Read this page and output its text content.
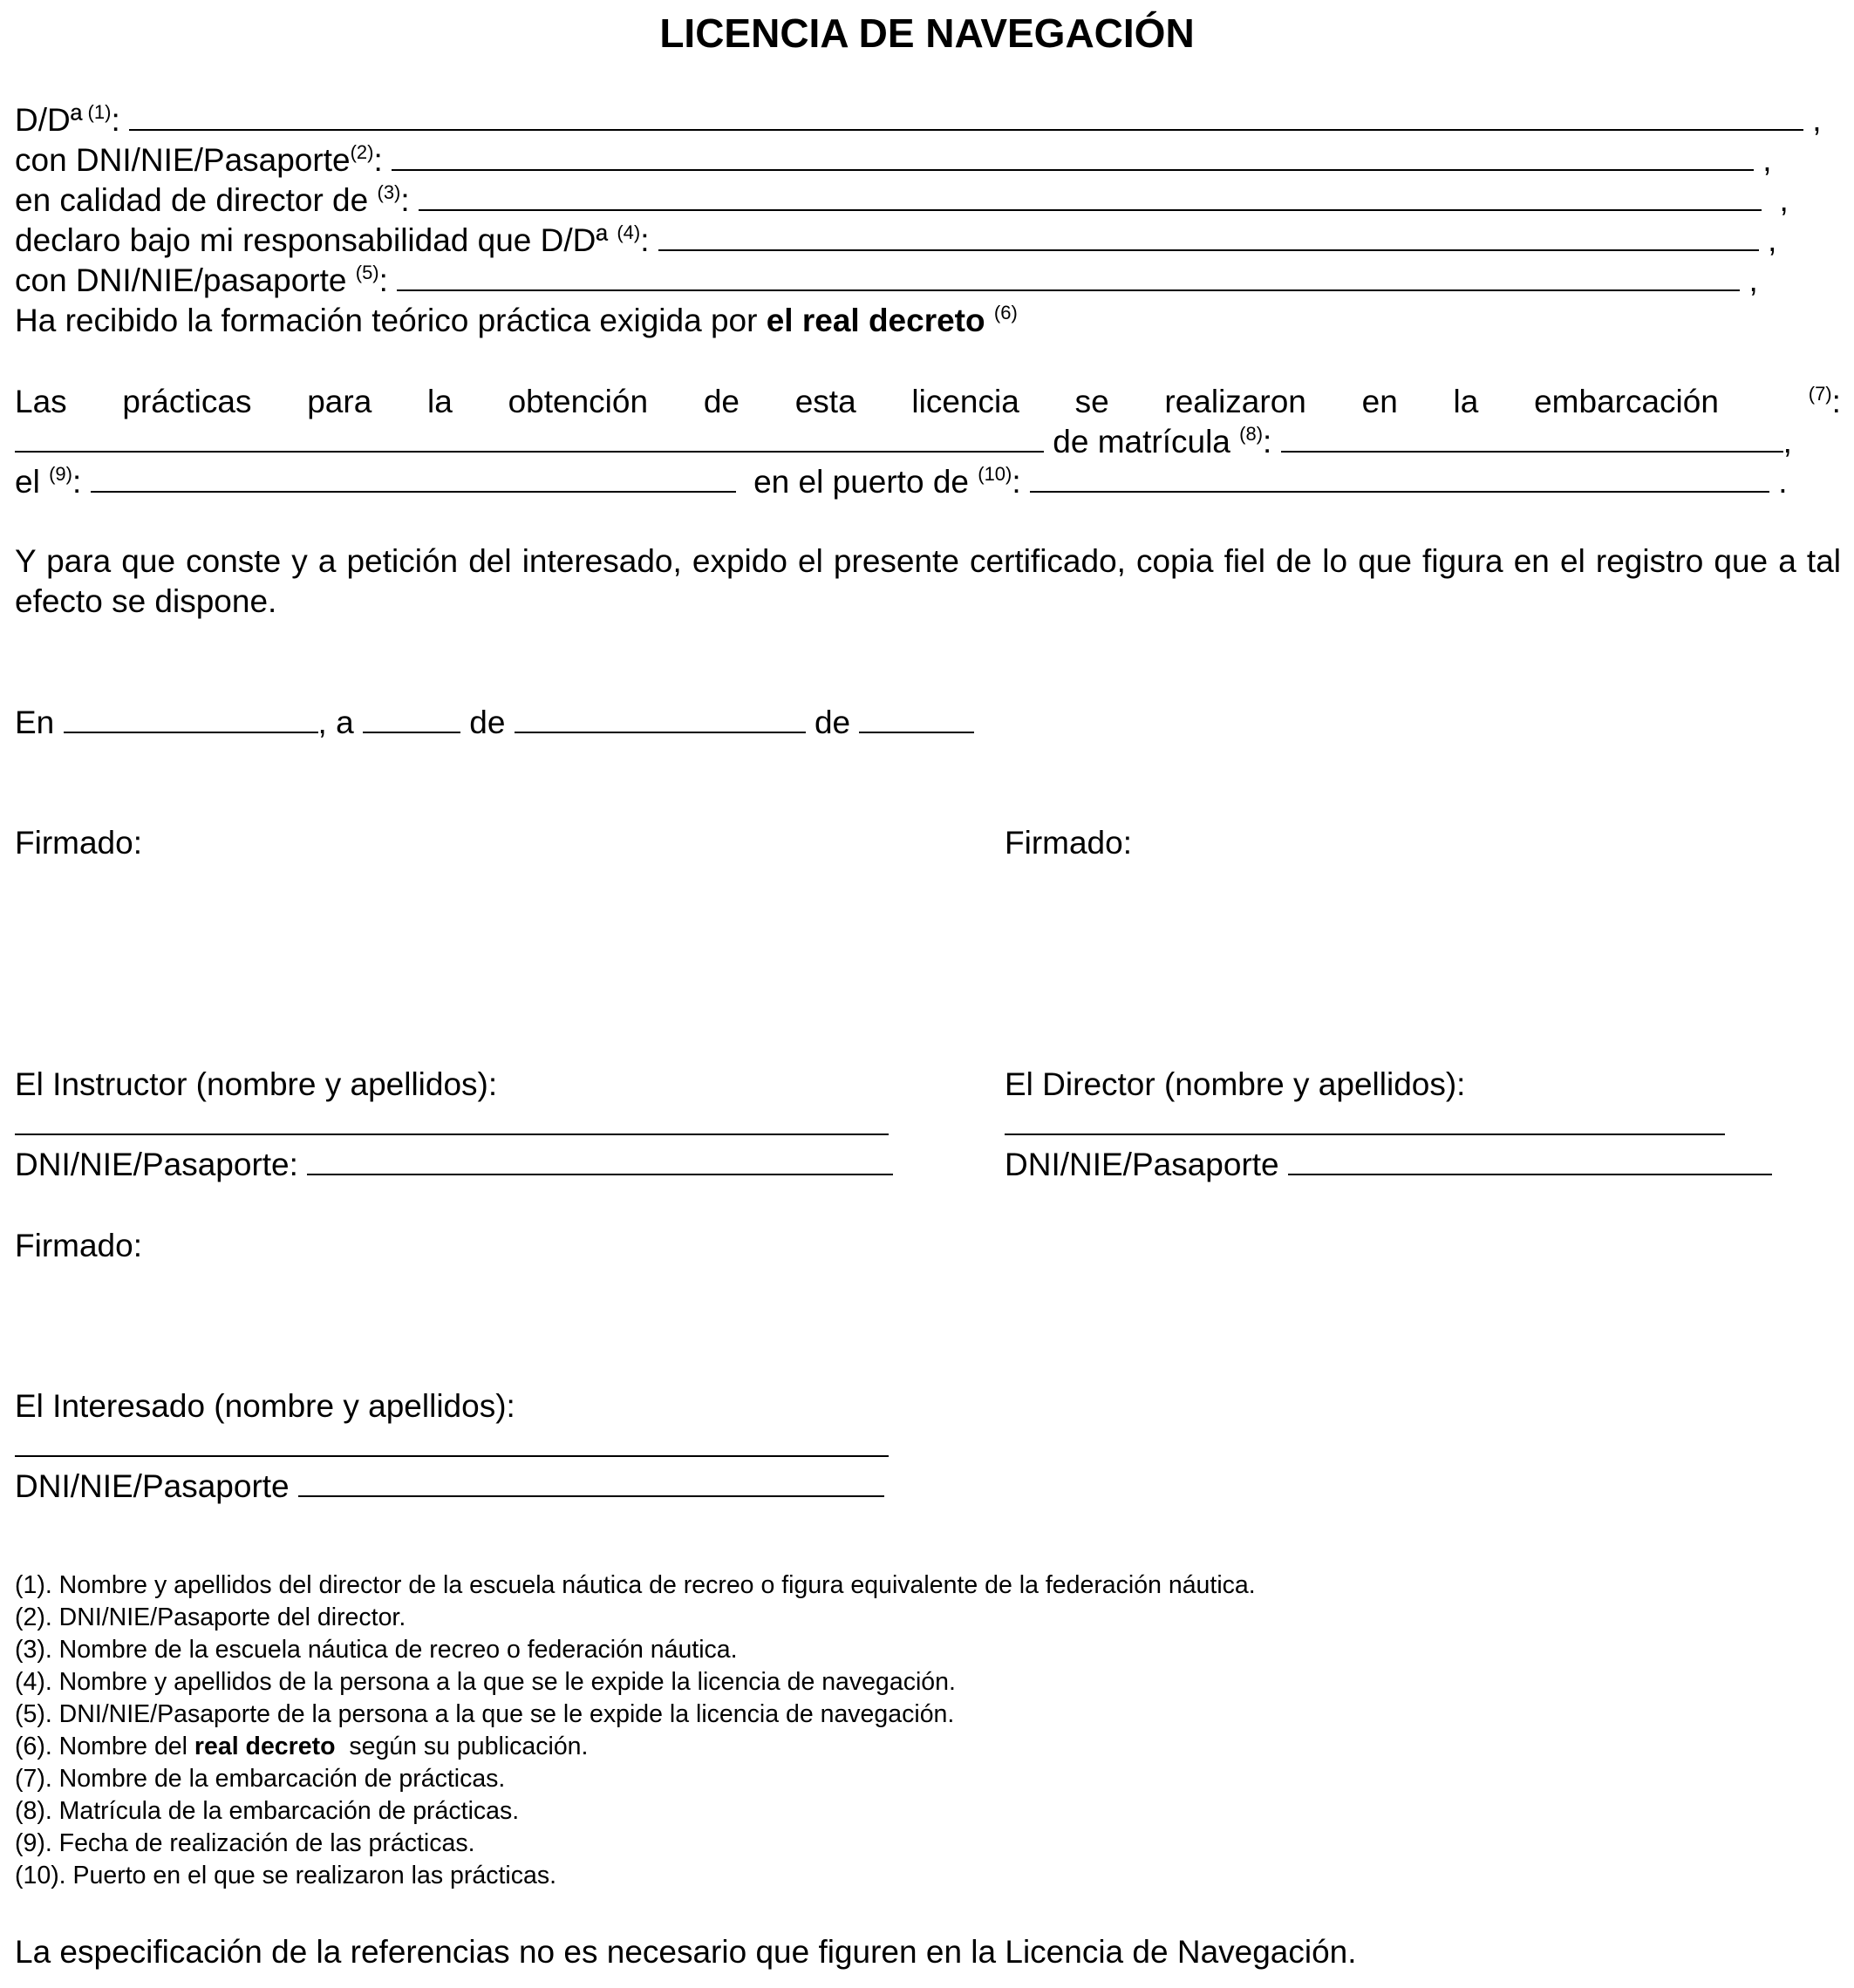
LICENCIA DE NAVEGACIÓN
D/Dª $^{(1)}$:	,
con DNI/NIE/Pasaporte$^{(2)}$:	,
en calidad de director de $^{(3)}$:	,
declaro bajo mi responsabilidad que D/Dª $^{(4)}$:	,
con DNI/NIE/pasaporte $^{(5)}$:	,
Ha recibido la formación teórico práctica exigida por el real decreto $^{(6)}$
Las prácticas para la obtención de esta licencia se realizaron en la embarcación	$^{(7)}$:
de matrícula $^{(8)}$:	,
el $^{(9)}$:	en el puerto de $^{(10)}$:	.
Y para que conste y a petición del interesado, expido el presente certificado, copia fiel de lo que figura en el registro que a tal efecto se dispone.
En	, a	de	de
Firmado:	Firmado:
El Instructor (nombre y apellidos):	El Director (nombre y apellidos):
DNI/NIE/Pasaporte:	DNI/NIE/Pasaporte
Firmado:
El Interesado (nombre y apellidos):
DNI/NIE/Pasaporte
(1). Nombre y apellidos del director de la escuela náutica de recreo o figura equivalente de la federación náutica.
(2). DNI/NIE/Pasaporte del director.
(3). Nombre de la escuela náutica de recreo o federación náutica.
(4). Nombre y apellidos de la persona a la que se le expide la licencia de navegación.
(5). DNI/NIE/Pasaporte de la persona a la que se le expide la licencia de navegación.
(6). Nombre del real decreto según su publicación.
(7). Nombre de la embarcación de prácticas.
(8). Matrícula de la embarcación de prácticas.
(9). Fecha de realización de las prácticas.
(10). Puerto en el que se realizaron las prácticas.
La especificación de la referencias no es necesario que figuren en la Licencia de Navegación.
